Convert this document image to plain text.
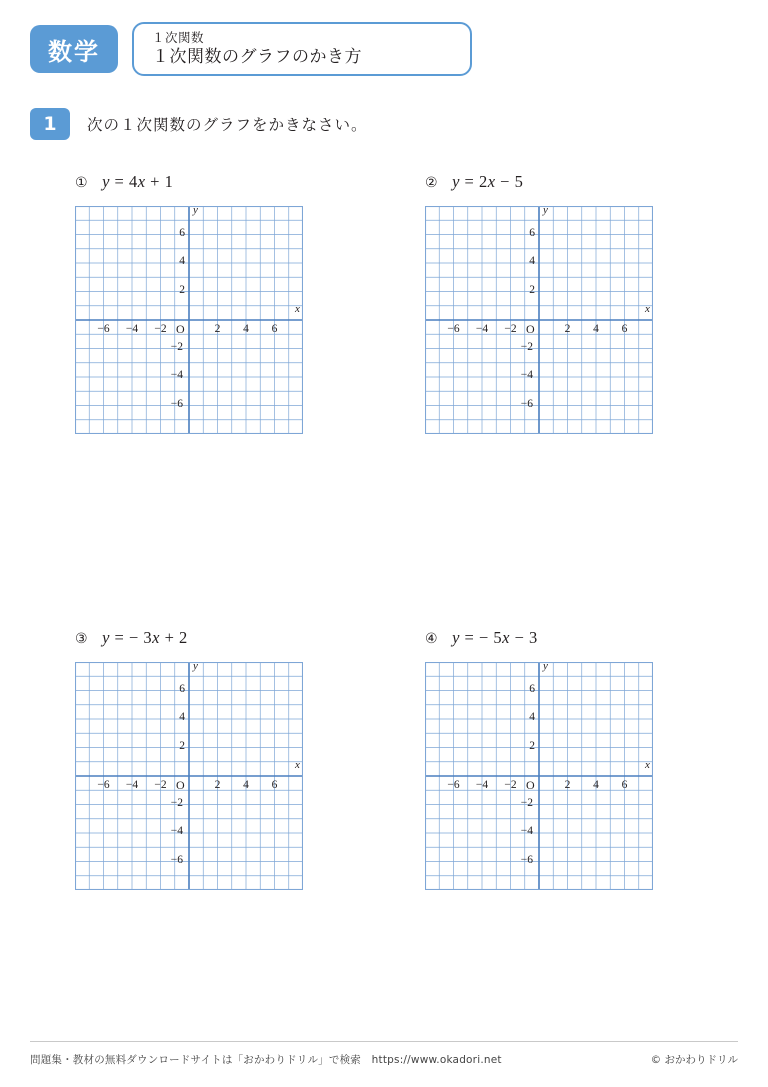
数学	１次関数
１次関数のグラフのかき方
1	次の１次関数のグラフをかきなさい。
① y = 4x + 1
y
x
O
−6	−4	−2	2	4	6
6
4
2
−2
−4
−6
② y = 2x − 5
y
x
O
−6	−4	−2	2	4	6
6
4
2
−2
−4
−6
③ y = − 3x + 2
y
x
O
−6	−4	−2	2	4	6
6
4
2
−2
−4
−6
④ y = − 5x − 3
y
x
O
−6	−4	−2	2	4	6
6
4
2
−2
−4
−6
問題集・教材の無料ダウンロードサイトは「おかわりドリル」で検索　https://www.okadori.net	© おかわりドリル
